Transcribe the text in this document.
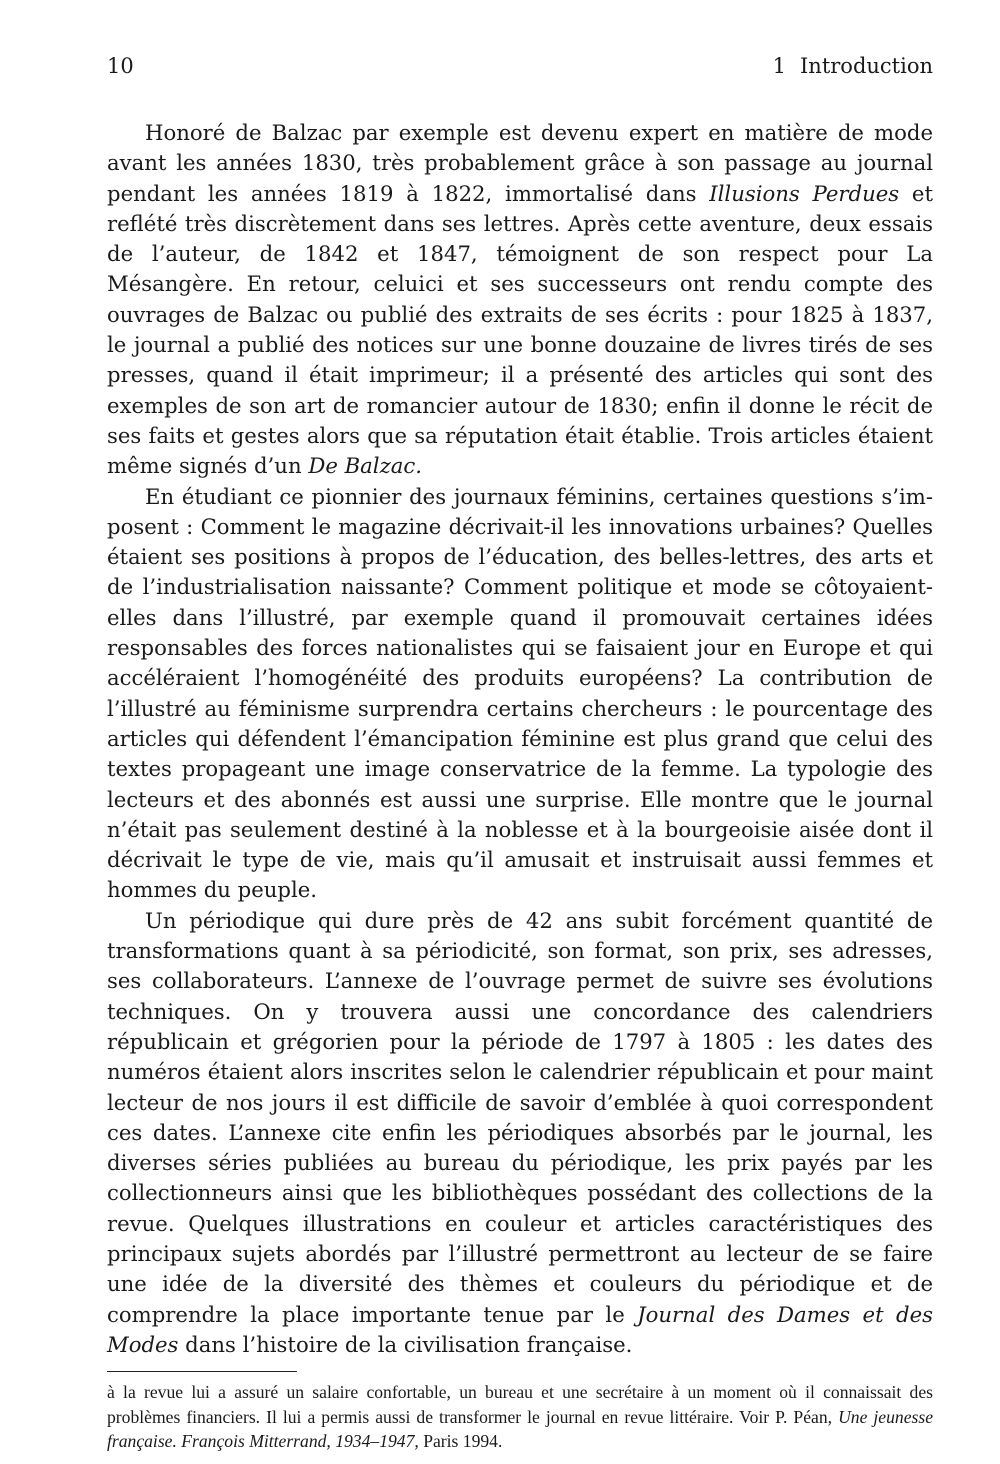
10	1 Introduction

Honoré de Balzac par exemple est devenu expert en matière de mode avant les années 1830, très probablement grâce à son passage au journal pendant les années 1819 à 1822, immortalisé dans Illusions Perdues et reflété très discrètement dans ses lettres. Après cette aventure, deux essais de l’auteur, de 1842 et 1847, témoignent de son respect pour La Mésangère. En retour, celuici et ses successeurs ont rendu compte des ouvrages de Balzac ou publié des extraits de ses écrits : pour 1825 à 1837, le journal a publié des notices sur une bonne douzaine de livres tirés de ses presses, quand il était imprimeur; il a présenté des articles qui sont des exemples de son art de romancier autour de 1830; enfin il donne le récit de ses faits et gestes alors que sa réputation était établie. Trois articles étaient même signés d’un De Balzac.

En étudiant ce pionnier des journaux féminins, certaines questions s’imposent : Comment le magazine décrivait-il les innovations urbaines? Quelles étaient ses positions à propos de l’éducation, des belles-lettres, des arts et de l’industrialisation naissante? Comment politique et mode se côtoyaient-elles dans l’illustré, par exemple quand il promouvait certaines idées responsables des forces nationalistes qui se faisaient jour en Europe et qui accéléraient l’homogénéité des produits européens? La contribution de l’illustré au féminisme surprendra certains chercheurs : le pourcentage des articles qui défendent l’émancipation féminine est plus grand que celui des textes propageant une image conservatrice de la femme. La typologie des lecteurs et des abonnés est aussi une surprise. Elle montre que le journal n’était pas seulement destiné à la noblesse et à la bourgeoisie aisée dont il décrivait le type de vie, mais qu’il amusait et instruisait aussi femmes et hommes du peuple.

Un périodique qui dure près de 42 ans subit forcément quantité de transformations quant à sa périodicité, son format, son prix, ses adresses, ses collaborateurs. L’annexe de l’ouvrage permet de suivre ses évolutions techniques. On y trouvera aussi une concordance des calendriers républicain et grégorien pour la période de 1797 à 1805 : les dates des numéros étaient alors inscrites selon le calendrier républicain et pour maint lecteur de nos jours il est difficile de savoir d’emblée à quoi correspondent ces dates. L’annexe cite enfin les périodiques absorbés par le journal, les diverses séries publiées au bureau du périodique, les prix payés par les collectionneurs ainsi que les bibliothèques possédant des collections de la revue. Quelques illustrations en couleur et articles caractéristiques des principaux sujets abordés par l’illustré permettront au lecteur de se faire une idée de la diversité des thèmes et couleurs du périodique et de comprendre la place importante tenue par le Journal des Dames et des Modes dans l’histoire de la civilisation française.

à la revue lui a assuré un salaire confortable, un bureau et une secrétaire à un moment où il connaissait des problèmes financiers. Il lui a permis aussi de transformer le journal en revue littéraire. Voir P. Péan, Une jeunesse française. François Mitterrand, 1934–1947, Paris 1994.
